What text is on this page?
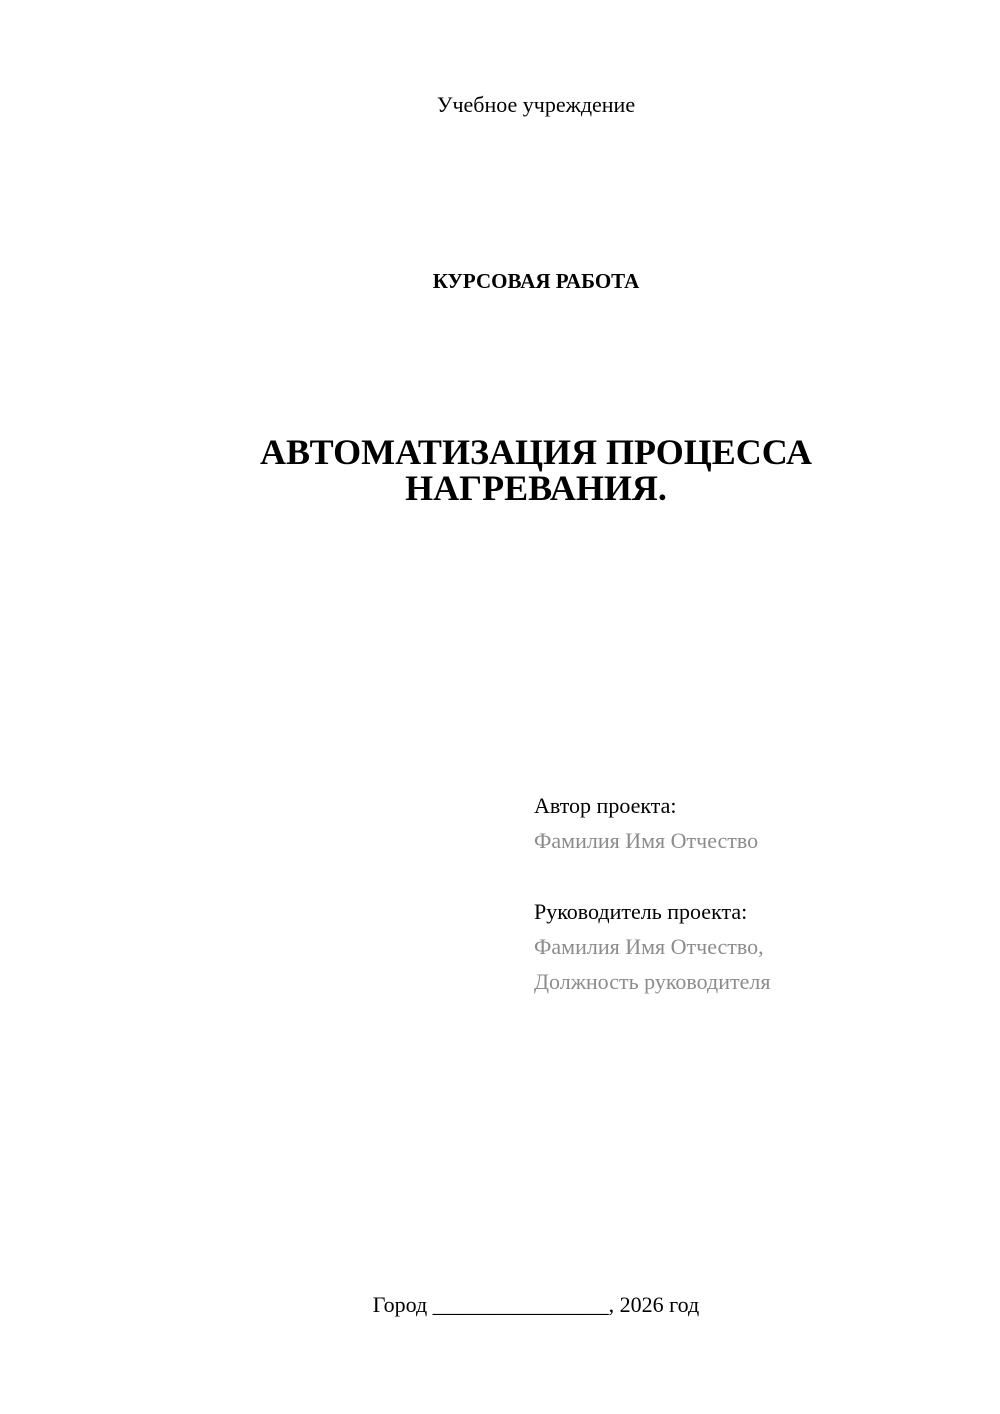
Учебное учреждение
КУРСОВАЯ РАБОТА
АВТОМАТИЗАЦИЯ ПРОЦЕССА
НАГРЕВАНИЯ.
Автор проекта:
Фамилия Имя Отчество
Руководитель проекта:
Фамилия Имя Отчество,
Должность руководителя
Город ________________, 2026 год
